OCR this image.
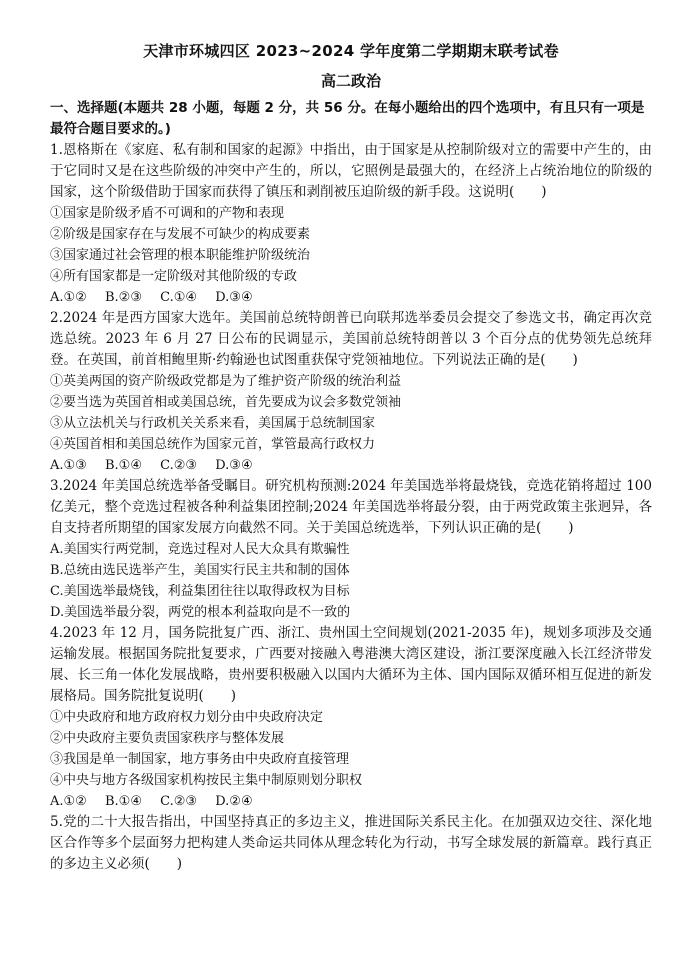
天津市环城四区 2023~2024 学年度第二学期期末联考试卷
高二政治
一、选择题(本题共 28 小题，每题 2 分，共 56 分。在每小题给出的四个选项中，有且只有一项是最符合题目要求的。)
1.恩格斯在《家庭、私有制和国家的起源》中指出，由于国家是从控制阶级对立的需要中产生的，由于它同时又是在这些阶级的冲突中产生的，所以，它照例是最强大的，在经济上占统治地位的阶级的国家，这个阶级借助于国家而获得了镇压和剥削被压迫阶级的新手段。这说明(　　)
①国家是阶级矛盾不可调和的产物和表现
②阶级是国家存在与发展不可缺少的构成要素
③国家通过社会管理的根本职能维护阶级统治
④所有国家都是一定阶级对其他阶级的专政
A.①② B.②③ C.①④ D.③④
2.2024 年是西方国家大选年。美国前总统特朗普已向联邦选举委员会提交了参选文书，确定再次竞选总统。2023 年 6 月 27 日公布的民调显示，美国前总统特朗普以 3 个百分点的优势领先总统拜登。在英国，前首相鲍里斯·约翰逊也试图重获保守党领袖地位。下列说法正确的是(　　)
①英美两国的资产阶级政党都是为了维护资产阶级的统治利益
②要当选为英国首相或美国总统，首先要成为议会多数党领袖
③从立法机关与行政机关关系来看，美国属于总统制国家
④英国首相和美国总统作为国家元首，掌管最高行政权力
A.①③ B.①④ C.②③ D.③④
3.2024 年美国总统选举备受瞩目。研究机构预测:2024 年美国选举将最烧钱，竞选花销将超过 100 亿美元，整个竞选过程被各种利益集团控制;2024 年美国选举将最分裂，由于两党政策主张迥异，各自支持者所期望的国家发展方向截然不同。关于美国总统选举，下列认识正确的是(　　)
A.美国实行两党制，竞选过程对人民大众具有欺骗性
B.总统由选民选举产生，美国实行民主共和制的国体
C.美国选举最烧钱，利益集团往往以取得政权为目标
D.美国选举最分裂，两党的根本利益取向是不一致的
4.2023 年 12 月，国务院批复广西、浙江、贵州国土空间规划(2021-2035 年)，规划多项涉及交通运输发展。根据国务院批复要求，广西要对接融入粤港澳大湾区建设，浙江要深度融入长江经济带发展、长三角一体化发展战略，贵州要积极融入以国内大循环为主体、国内国际双循环相互促进的新发展格局。国务院批复说明(　　)
①中央政府和地方政府权力划分由中央政府决定
②中央政府主要负责国家秩序与整体发展
③我国是单一制国家，地方事务由中央政府直接管理
④中央与地方各级国家机构按民主集中制原则划分职权
A.①② B.①④ C.②③ D.②④
5.党的二十大报告指出，中国坚持真正的多边主义，推进国际关系民主化。在加强双边交往、深化地区合作等多个层面努力把构建人类命运共同体从理念转化为行动，书写全球发展的新篇章。践行真正的多边主义必须(　　)
